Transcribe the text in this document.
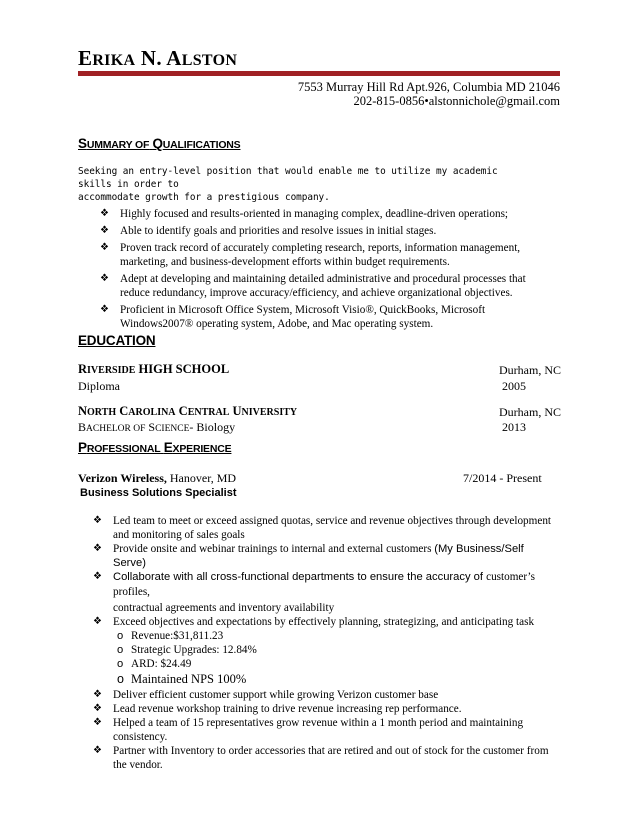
ERIKA N. ALSTON
7553 Murray Hill Rd Apt.926, Columbia MD 21046
202-815-0856•alstonnichole@gmail.com
SUMMARY OF QUALIFICATIONS
Seeking an entry-level position that would enable me to utilize my academic skills in order to
accommodate growth for a prestigious company.
❖ Highly focused and results-oriented in managing complex, deadline-driven operations;
❖ Able to identify goals and priorities and resolve issues in initial stages.
❖ Proven track record of accurately completing research, reports, information management,
marketing, and business-development efforts within budget requirements.
❖ Adept at developing and maintaining detailed administrative and procedural processes that
reduce redundancy, improve accuracy/efficiency, and achieve organizational objectives.
❖ Proficient in Microsoft Office System, Microsoft Visio®, QuickBooks, Microsoft
Windows2007® operating system, Adobe, and Mac operating system.
EDUCATION
RIVERSIDE HIGH SCHOOL	Durham, NC
Diploma	2005
NORTH CAROLINA CENTRAL UNIVERSITY	Durham, NC
BACHELOR OF SCIENCE- Biology	2013
PROFESSIONAL EXPERIENCE
Verizon Wireless, Hanover, MD	7/2014 - Present
Business Solutions Specialist
❖ Led team to meet or exceed assigned quotas, service and revenue objectives through development
and monitoring of sales goals
❖ Provide onsite and webinar trainings to internal and external customers (My Business/Self
Serve)
❖ Collaborate with all cross-functional departments to ensure the accuracy of customer’s
profiles,
contractual agreements and inventory availability
❖ Exceed objectives and expectations by effectively planning, strategizing, and anticipating task
o Revenue:$31,811.23
o Strategic Upgrades: 12.84%
o ARD: $24.49
o Maintained NPS 100%
❖ Deliver efficient customer support while growing Verizon customer base
❖ Lead revenue workshop training to drive revenue increasing rep performance.
❖ Helped a team of 15 representatives grow revenue within a 1 month period and maintaining
consistency.
❖ Partner with Inventory to order accessories that are retired and out of stock for the customer from
the vendor.
